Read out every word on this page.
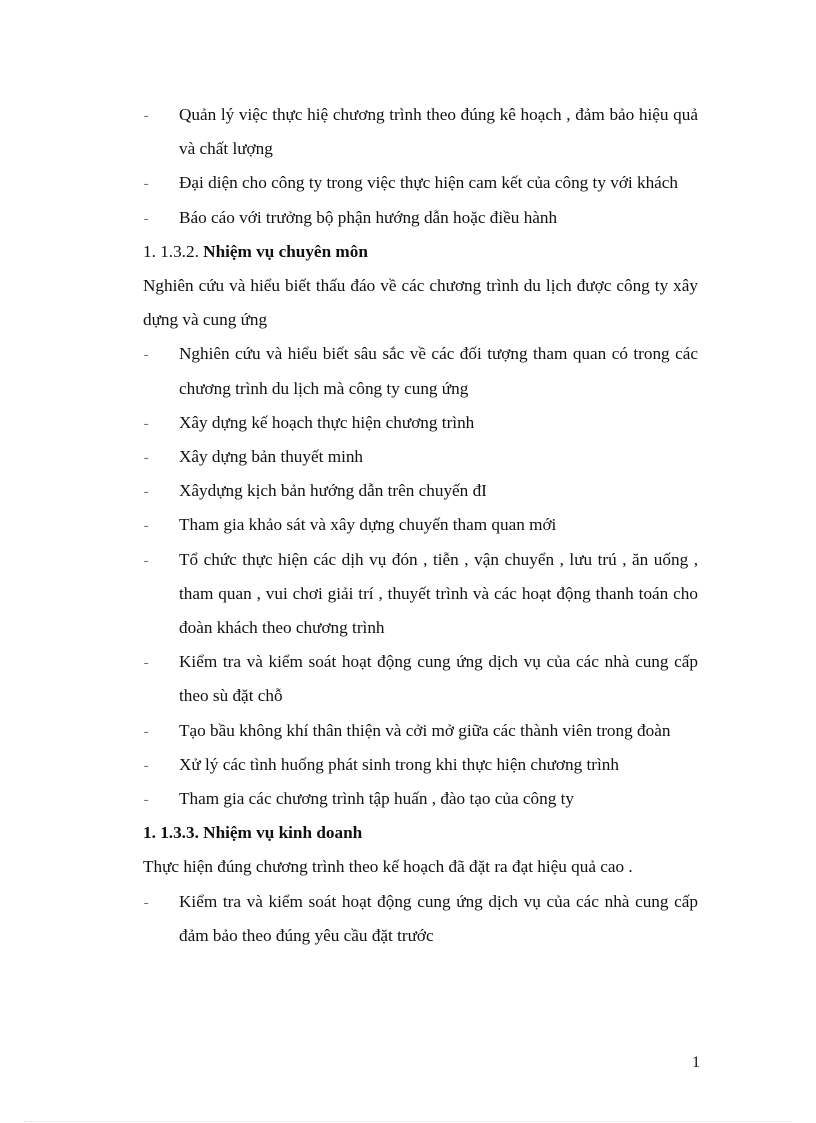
˗	Quản lý việc thực hiệ chương trình theo đúng kê hoạch , đảm bảo hiệu quả và chất lượng
˗	Đại diện cho công ty trong việc thực hiện cam kết của công ty với khách
˗	Báo cáo với trưởng bộ phận hướng dẫn hoặc điều hành
1. 1.3.2. Nhiệm vụ chuyên môn
Nghiên cứu và hiểu biết thấu đáo về các chương trình du lịch được công ty xây dựng và cung ứng
˗	Nghiên cứu và hiểu biết sâu sắc về các đối tượng tham quan có trong các chương trình du lịch mà công ty cung ứng
˗	Xây dựng kế hoạch thực hiện chương trình
˗	Xây dựng bản thuyết minh
˗	Xâydựng kịch bản hướng dẫn trên chuyến đI
˗	Tham gia khảo sát và xây dựng chuyến tham quan mới
˗	Tổ chức thực hiện các dịh vụ đón , tiễn , vận chuyển , lưu trú , ăn uống , tham quan , vui chơi giải trí , thuyết trình và các hoạt động thanh toán cho đoàn khách theo chương trình
˗	Kiểm tra và kiểm soát hoạt động cung ứng dịch vụ của các nhà cung cấp theo sù đặt chỗ
˗	Tạo bầu không khí thân thiện và cởi mở giữa các thành viên trong đoàn
˗	Xử lý các tình huống phát sinh trong khi thực hiện chương trình
˗	Tham gia các chương trình tập huấn , đào tạo của công ty
1. 1.3.3. Nhiệm vụ kinh doanh
Thực hiện đúng chương trình theo kế hoạch đã đặt ra đạt hiệu quả cao .
˗	Kiểm tra và kiểm soát hoạt động cung ứng dịch vụ của các nhà cung cấp đảm bảo theo đúng yêu cầu đặt trước
1
